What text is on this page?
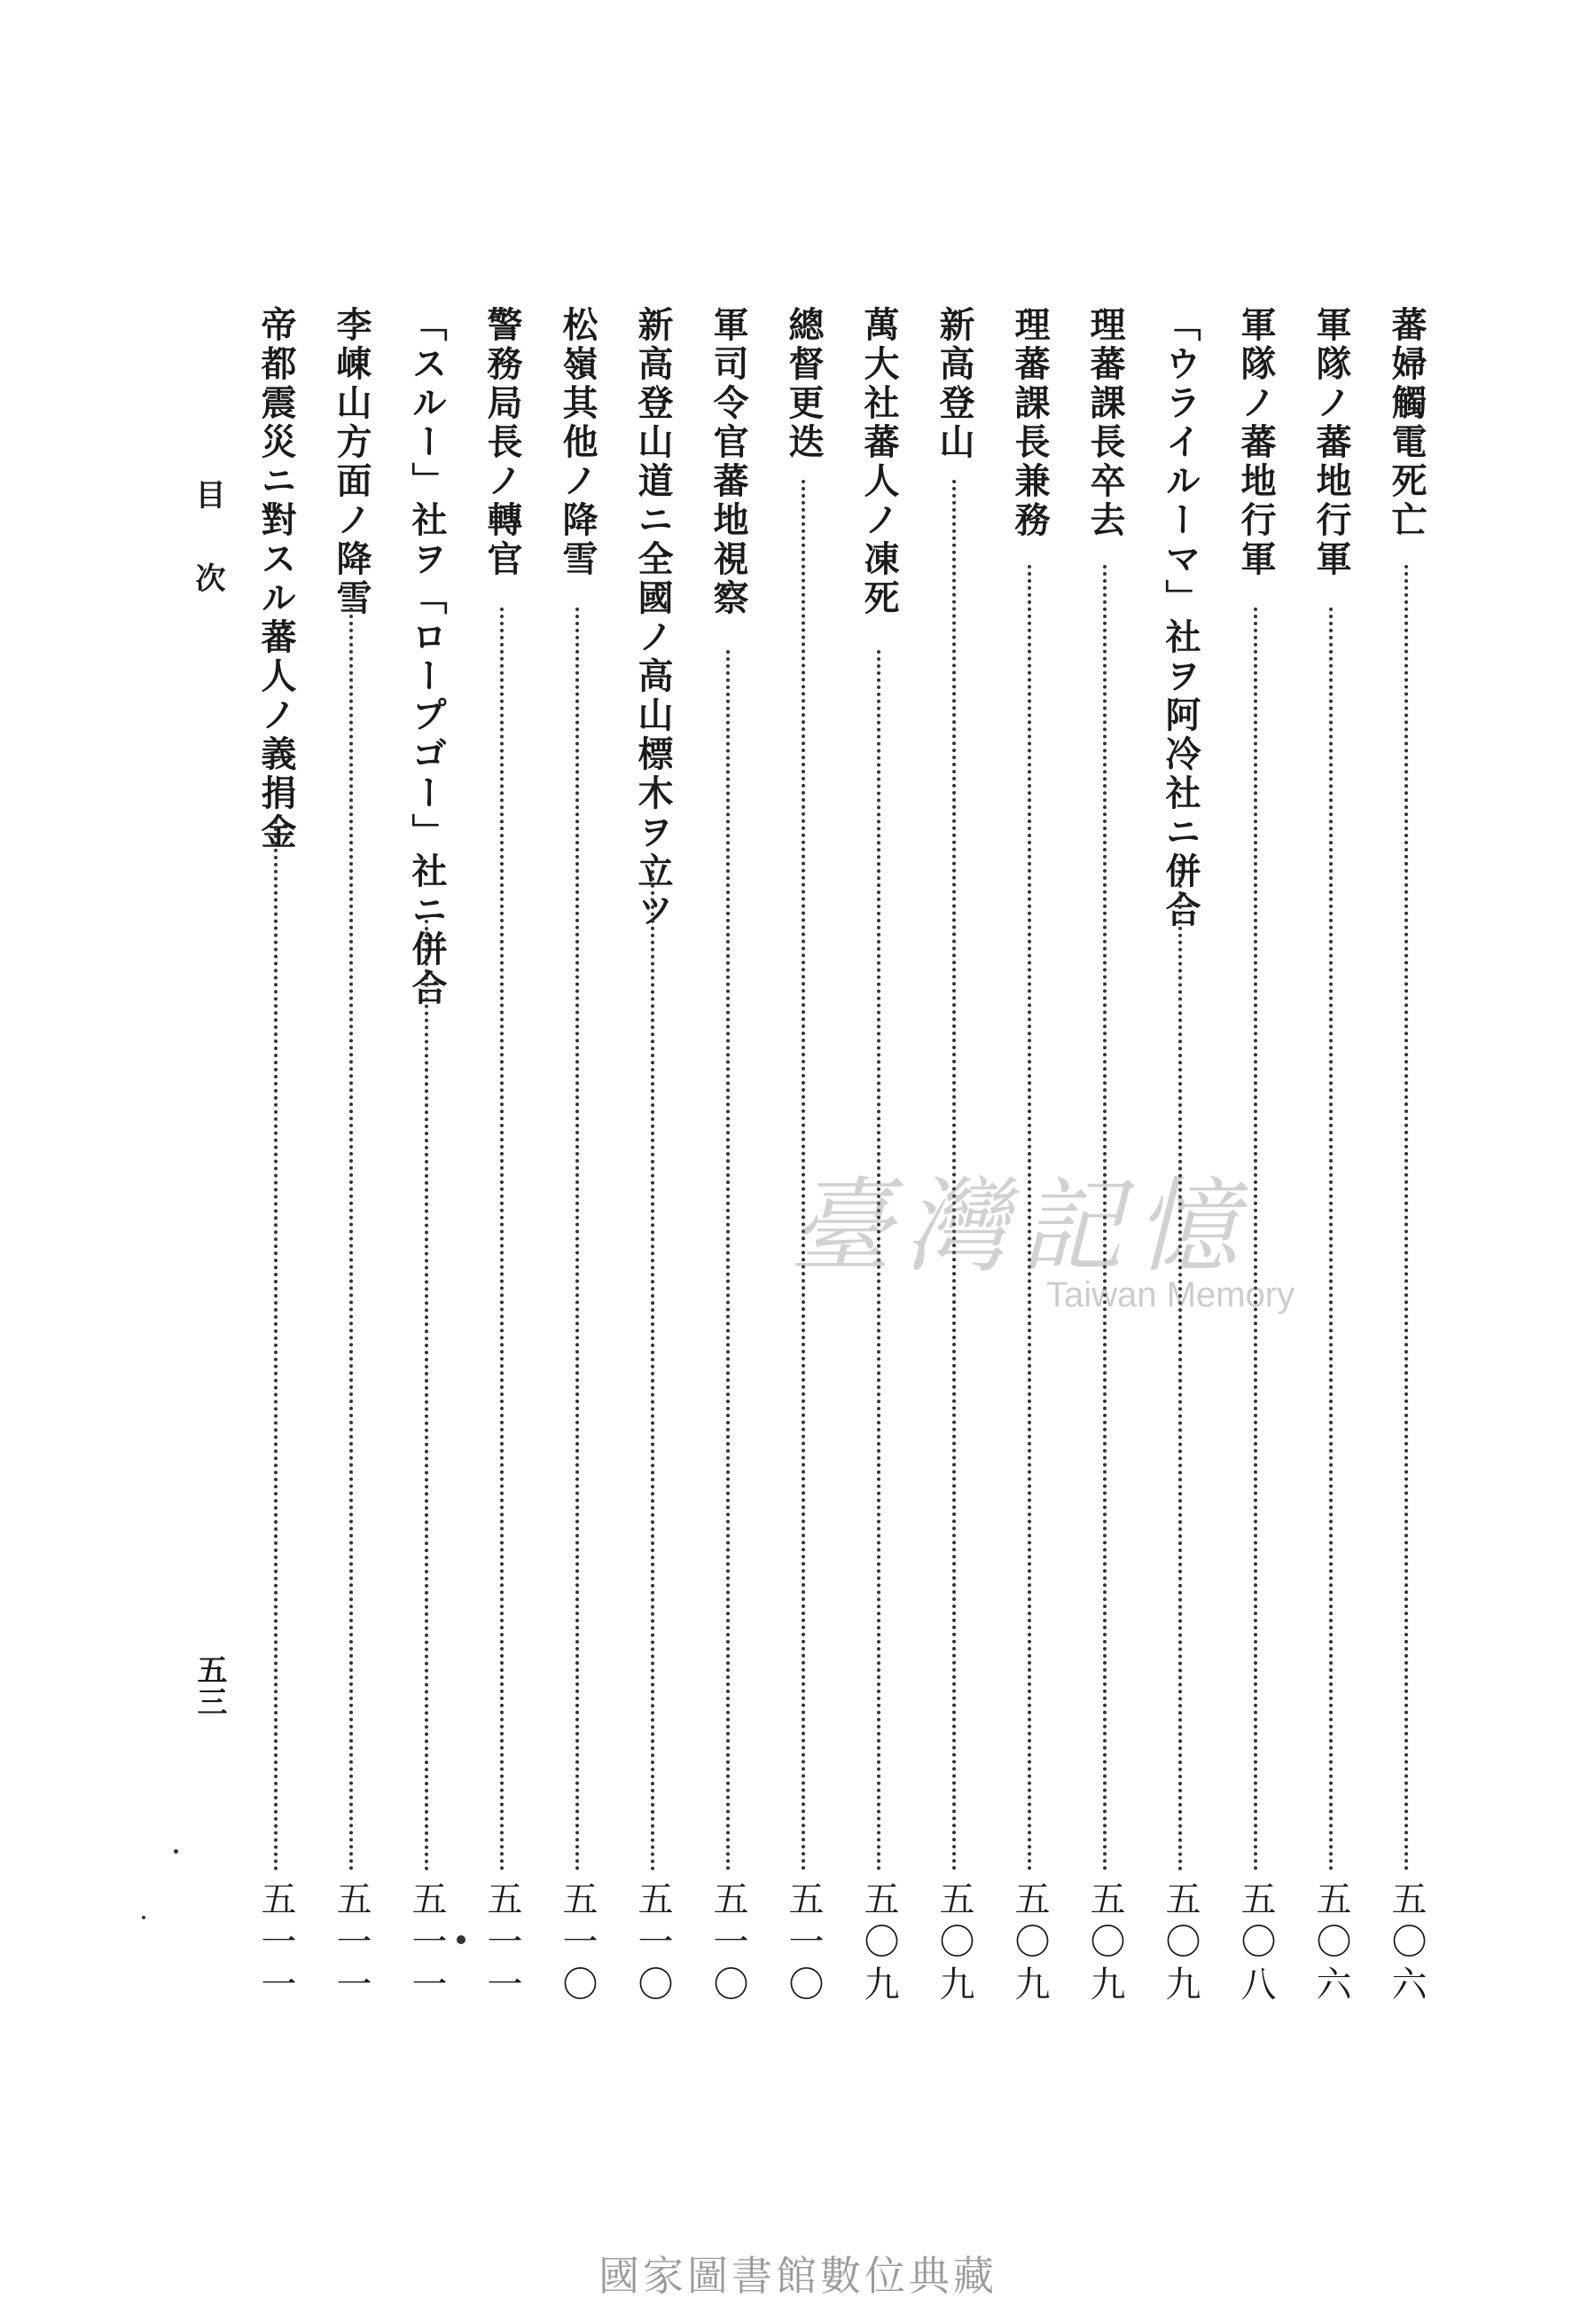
蕃婦觸電死亡
五〇六
軍隊ノ蕃地行軍
五〇六
軍隊ノ蕃地行軍
五〇八
「ウライルーマ」社ヲ阿冷社ニ併合
五〇九
理蕃課長卒去
五〇九
理蕃課長兼務
五〇九
新高登山
五〇九
萬大社蕃人ノ凍死
五〇九
總督更迭
五一〇
軍司令官蕃地視察
五一〇
新高登山道ニ全國ノ高山標木ヲ立ツ
五一〇
松嶺其他ノ降雪
五一〇
警務局長ノ轉官
五一一
「スルー」社ヲ「ロープゴー」社ニ併合
五一一
李崠山方面ノ降雪
五一一
帝都震災ニ對スル蕃人ノ義捐金
五一一
目次
五三
臺灣記憶
Taiwan Memory
國家圖書館數位典藏
